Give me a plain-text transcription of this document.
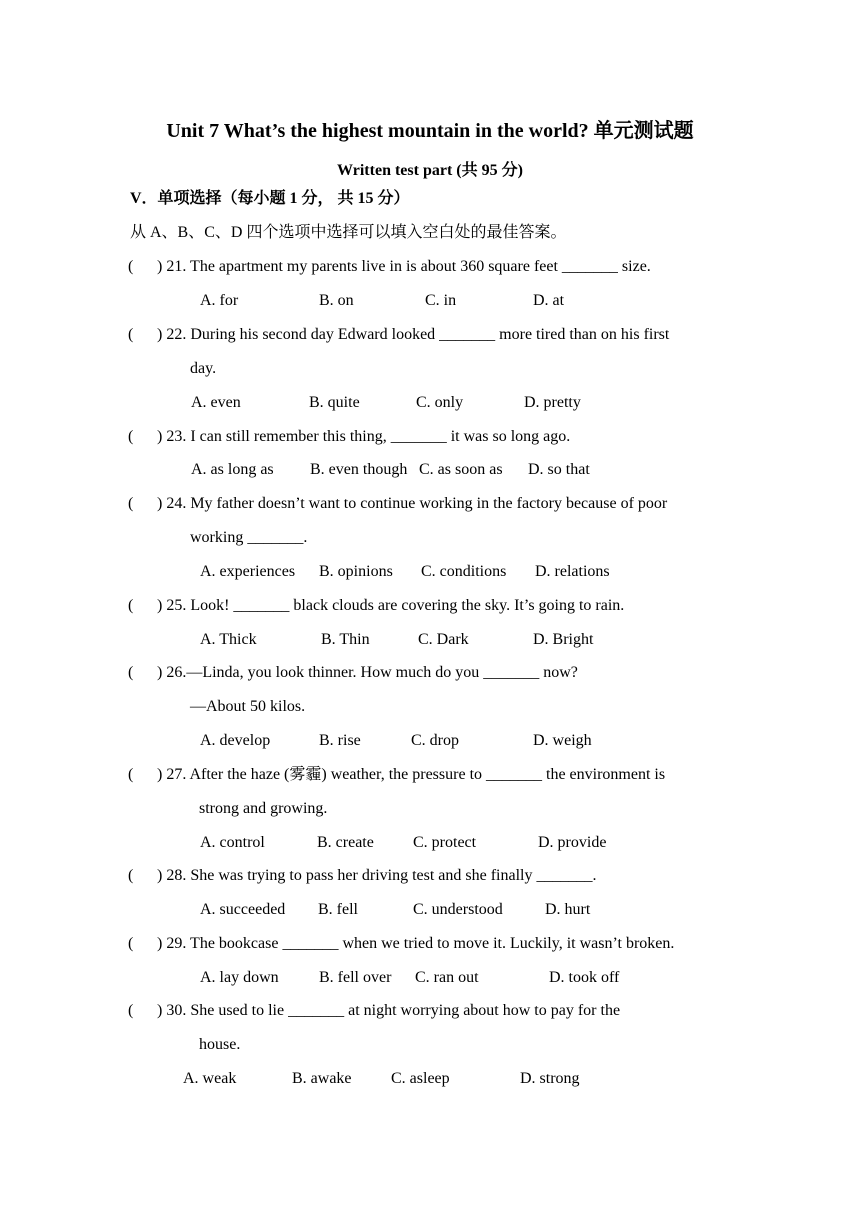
Unit 7 What’s the highest mountain in the world? 单元测试题
Written test part (共 95 分)
V．单项选择（每小题 1 分， 共 15 分）
从 A、B、C、D 四个选项中选择可以填入空白处的最佳答案。
( ) 21. The apartment my parents live in is about 360 square feet _______ size.
A. for	B. on	C. in	D. at
( ) 22. During his second day Edward looked _______ more tired than on his first
day.
A. even	B. quite	C. only	D. pretty
( ) 23. I can still remember this thing, _______ it was so long ago.
A. as long as B. even though C. as soon as D. so that
( ) 24. My father doesn’t want to continue working in the factory because of poor
working _______.
A. experiences B. opinions C. conditions D. relations
( ) 25. Look! _______ black clouds are covering the sky. It’s going to rain.
A. Thick	B. Thin	C. Dark	D. Bright
( ) 26.—Linda, you look thinner. How much do you _______ now?
—About 50 kilos.
A. develop	B. rise	C. drop	D. weigh
( ) 27. After the haze (雾霾) weather, the pressure to _______ the environment is
strong and growing.
A. control	B. create C. protect	D. provide
( ) 28. She was trying to pass her driving test and she finally _______.
A. succeeded B. fell	C. understood	D. hurt
( ) 29. The bookcase _______ when we tried to move it. Luckily, it wasn’t broken.
A. lay down	B. fell over C. ran out	D. took off
( ) 30. She used to lie _______ at night worrying about how to pay for the
house.
A. weak	B. awake C. asleep	D. strong
